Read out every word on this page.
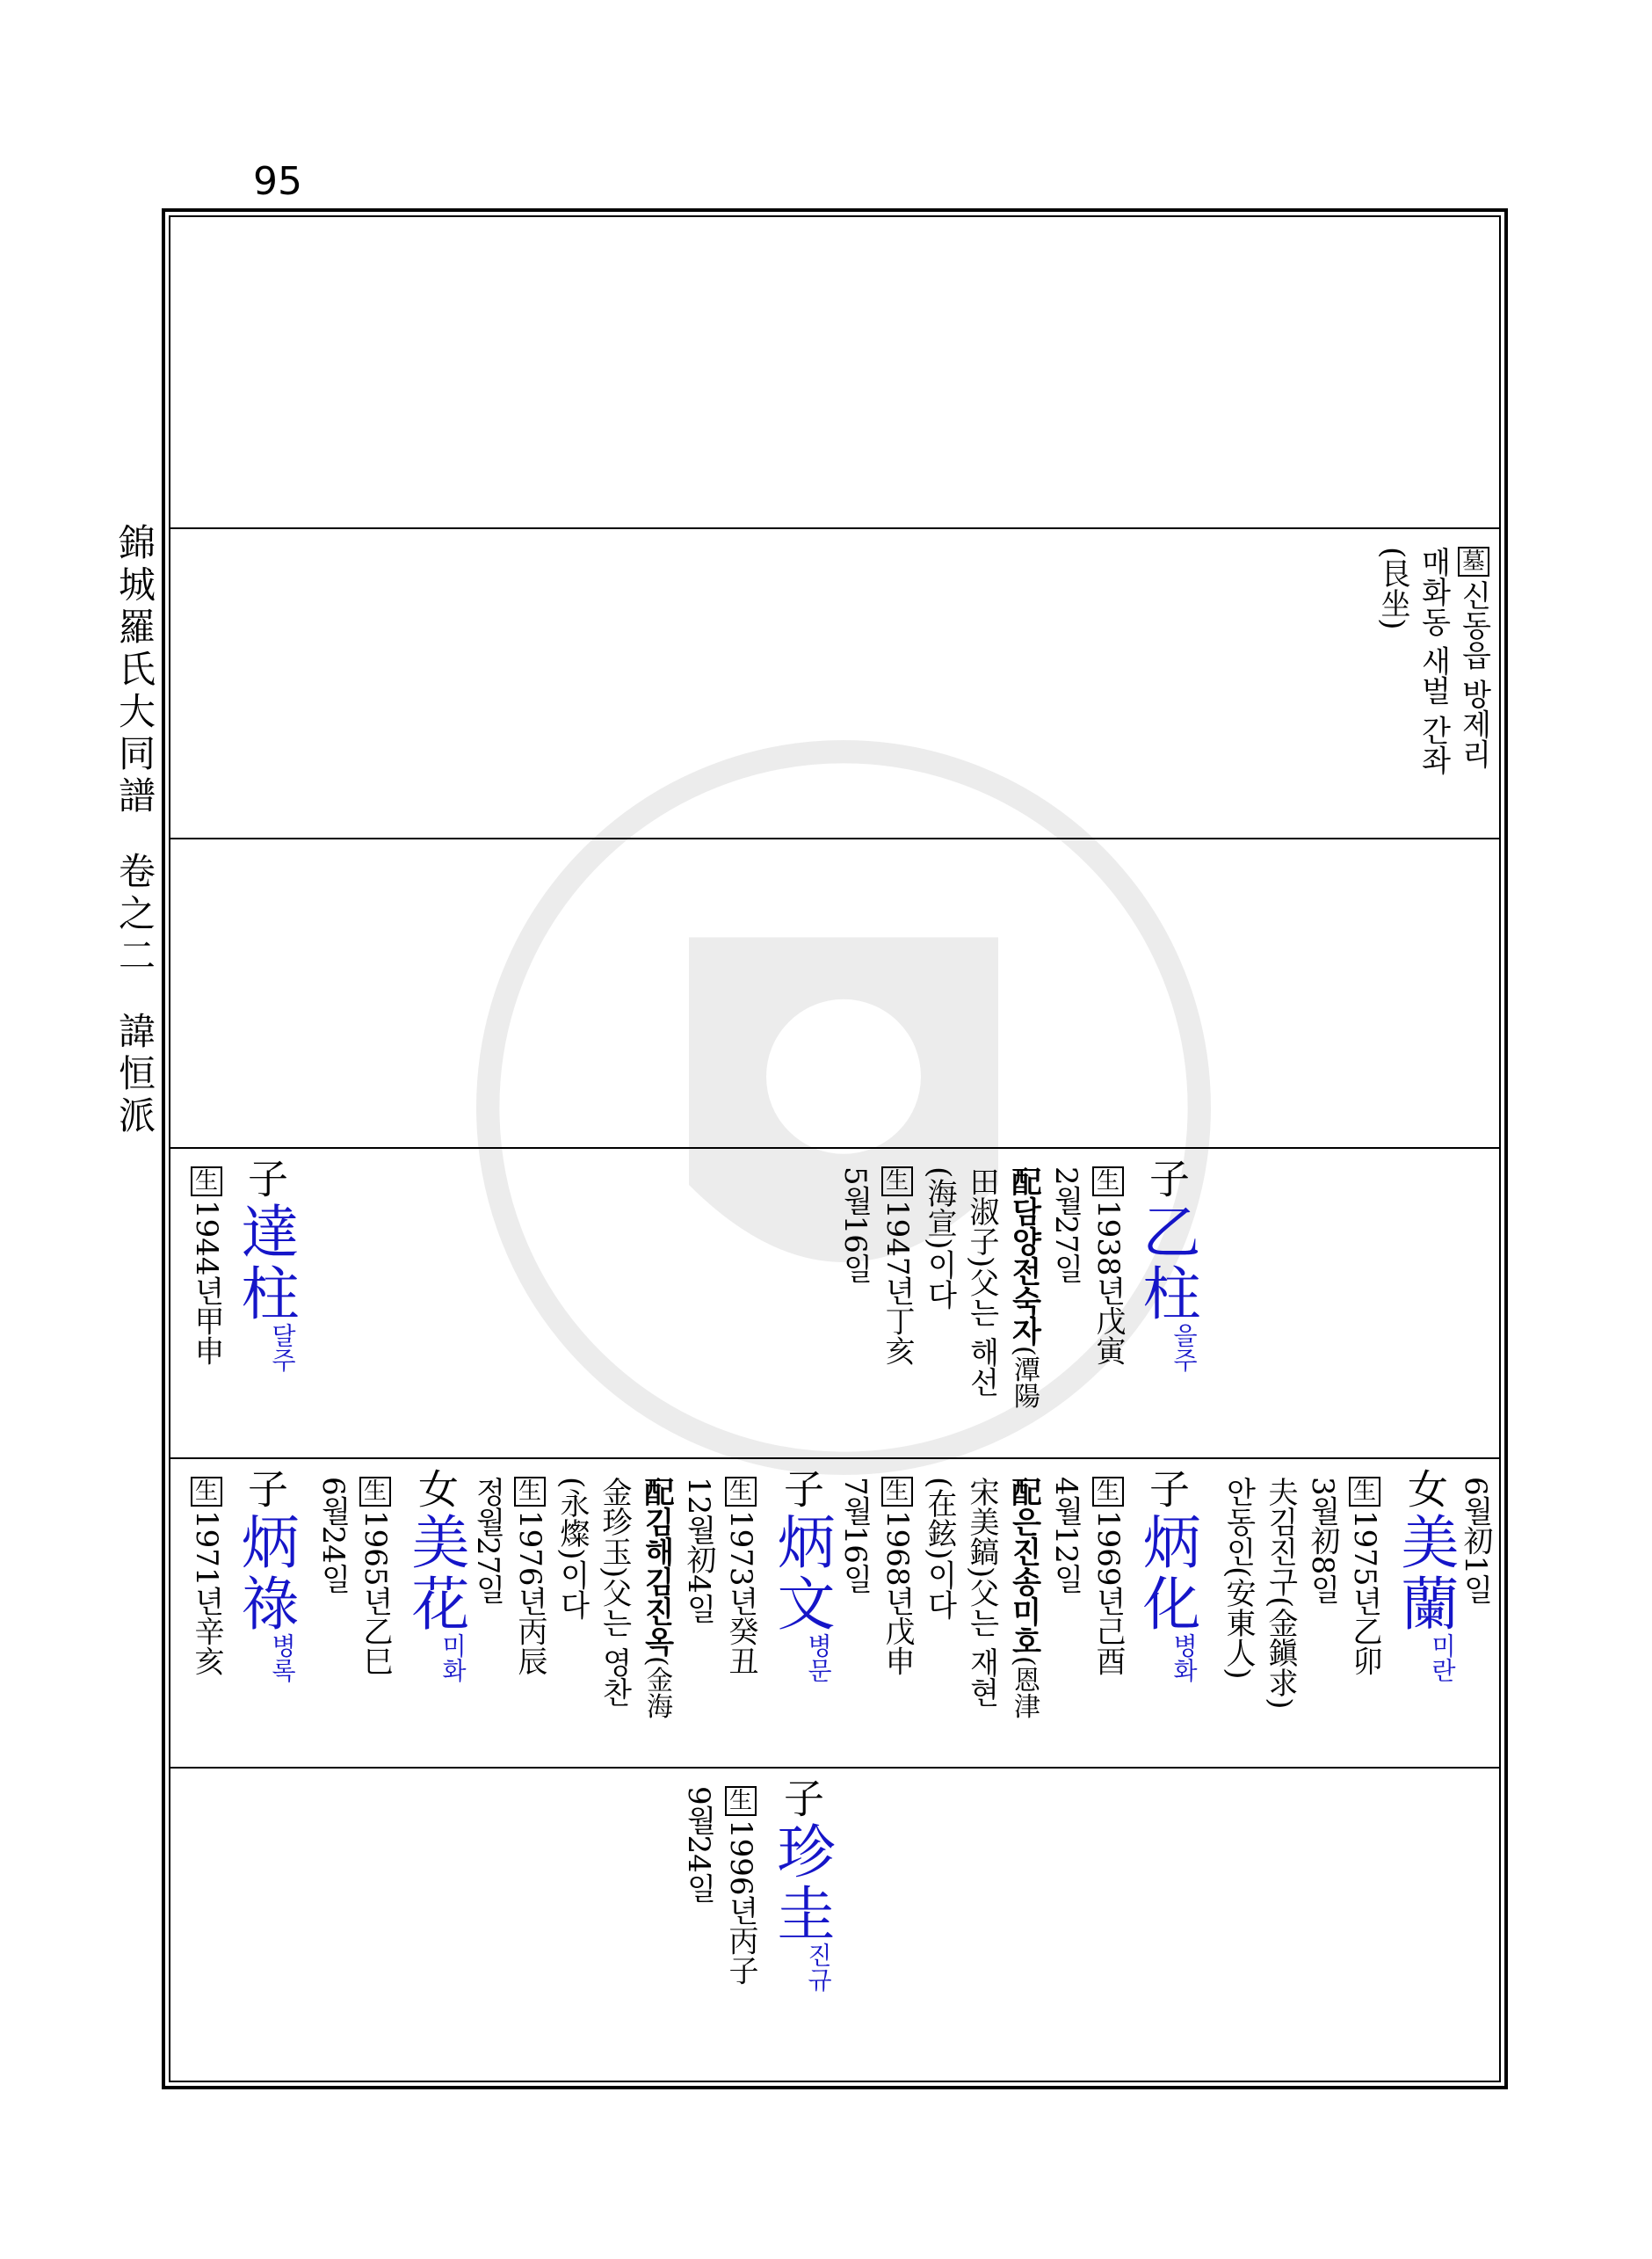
95
錦城羅氏大同譜卷之二諱恒派
墓신동읍 방제리
매화동 새벌 간좌
(艮坐)
子
乙柱
을주
生1938년戊寅
2월27일
配담양전숙자(潭陽
田淑子)父는 해선
(海宣)이다
生1947년丁亥
5월16일
子
達柱
달주
生1944년甲申
6월初1일
女
美蘭
미란
生1975년乙卯
3월初8일
夫김진구(金鎭求)
안동인(安東人)
子
炳化
병화
生1969년己酉
4월12일
配은진송미호(恩津
宋美鎬)父는 재현
(在鉉)이다
生1968년戊申
7월16일
子
炳文
병문
生1973년癸丑
12월初4일
配김해김진옥(金海
金珍玉)父는 영찬
(永燦)이다
生1976년丙辰
정월27일
女
美花
미화
生1965년乙巳
6월24일
子
炳祿
병록
生1971년辛亥
子
珍圭
진규
生1996년丙子
9월24일
